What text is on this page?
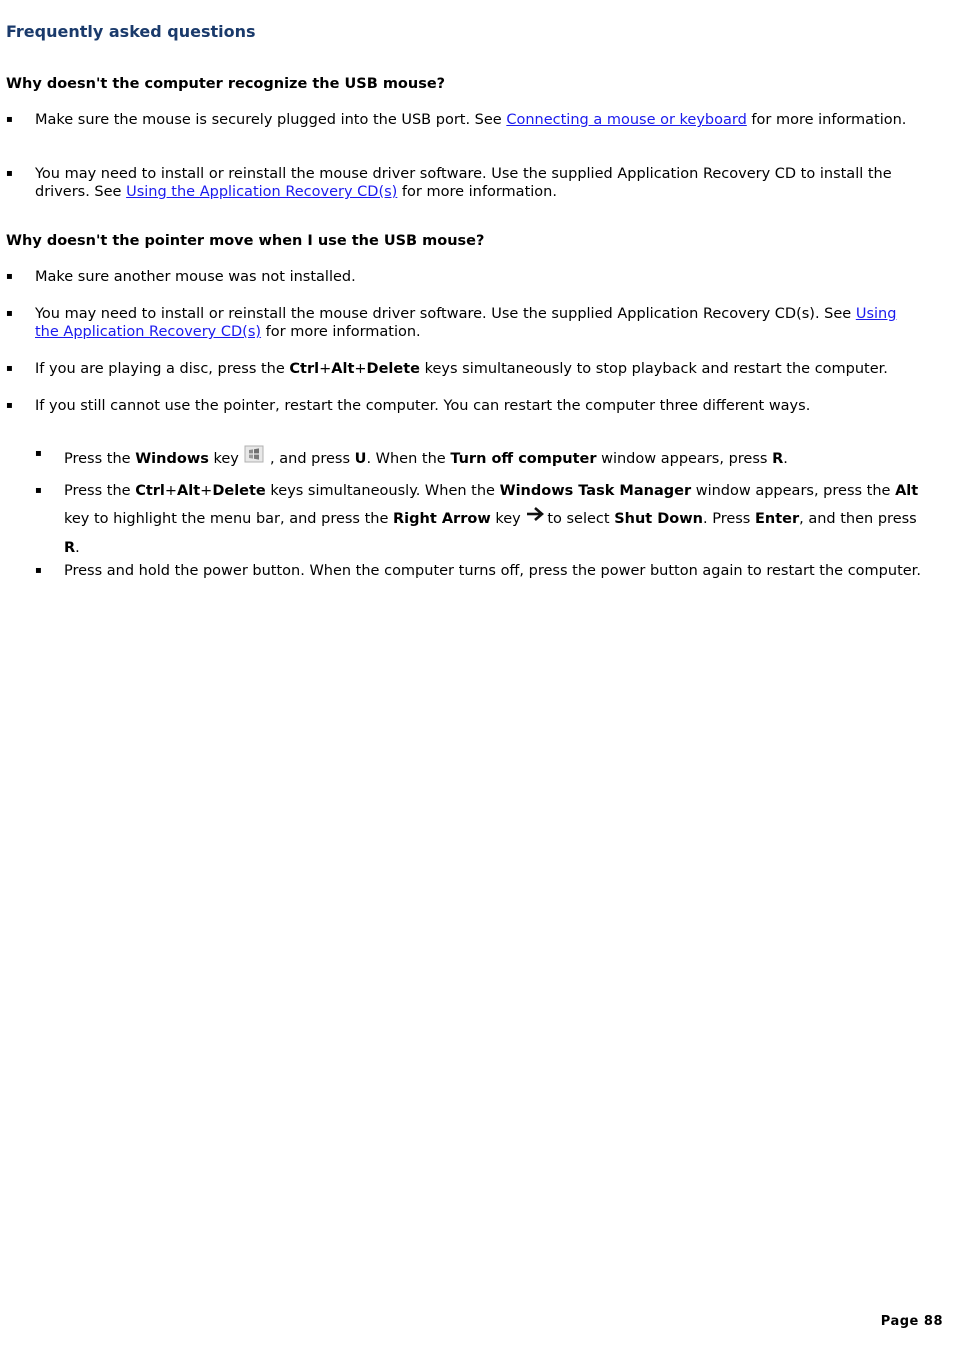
Frequently asked questions
Why doesn't the computer recognize the USB mouse?
▪ Make sure the mouse is securely plugged into the USB port. See Connecting a mouse or keyboard for more information.
▪ You may need to install or reinstall the mouse driver software. Use the supplied Application Recovery CD to install the drivers. See Using the Application Recovery CD(s) for more information.
Why doesn't the pointer move when I use the USB mouse?
▪ Make sure another mouse was not installed.
▪ You may need to install or reinstall the mouse driver software. Use the supplied Application Recovery CD(s). See Using the Application Recovery CD(s) for more information.
▪ If you are playing a disc, press the Ctrl+Alt+Delete keys simultaneously to stop playback and restart the computer.
▪ If you still cannot use the pointer, restart the computer. You can restart the computer three different ways.
▪ Press the Windows key  , and press U. When the Turn off computer window appears, press R.
▪ Press the Ctrl+Alt+Delete keys simultaneously. When the Windows Task Manager window appears, press the Alt key to highlight the menu bar, and press the Right Arrow key to select Shut Down. Press Enter, and then press R.
▪ Press and hold the power button. When the computer turns off, press the power button again to restart the computer.
Page 88
